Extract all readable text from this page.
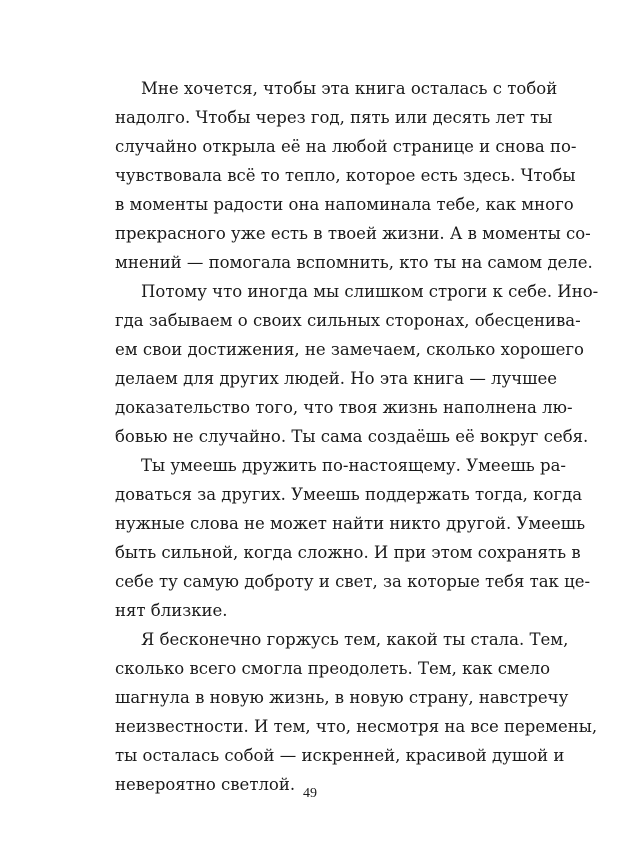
Мне хочется, чтобы эта книга осталась с тобой
надолго. Чтобы через год, пять или десять лет ты
случайно открыла её на любой странице и снова по-
чувствовала всё то тепло, которое есть здесь. Чтобы
в моменты радости она напоминала тебе, как много
прекрасного уже есть в твоей жизни. А в моменты со-
мнений — помогала вспомнить, кто ты на самом деле.
Потому что иногда мы слишком строги к себе. Ино-
гда забываем о своих сильных сторонах, обесценива-
ем свои достижения, не замечаем, сколько хорошего
делаем для других людей. Но эта книга — лучшее
доказательство того, что твоя жизнь наполнена лю-
бовью не случайно. Ты сама создаёшь её вокруг себя.
Ты умеешь дружить по-настоящему. Умеешь ра-
доваться за других. Умеешь поддержать тогда, когда
нужные слова не может найти никто другой. Умеешь
быть сильной, когда сложно. И при этом сохранять в
себе ту самую доброту и свет, за которые тебя так це-
нят близкие.
Я бесконечно горжусь тем, какой ты стала. Тем,
сколько всего смогла преодолеть. Тем, как смело
шагнула в новую жизнь, в новую страну, навстречу
неизвестности. И тем, что, несмотря на все перемены,
ты осталась собой — искренней, красивой душой и
невероятно светлой. 49
